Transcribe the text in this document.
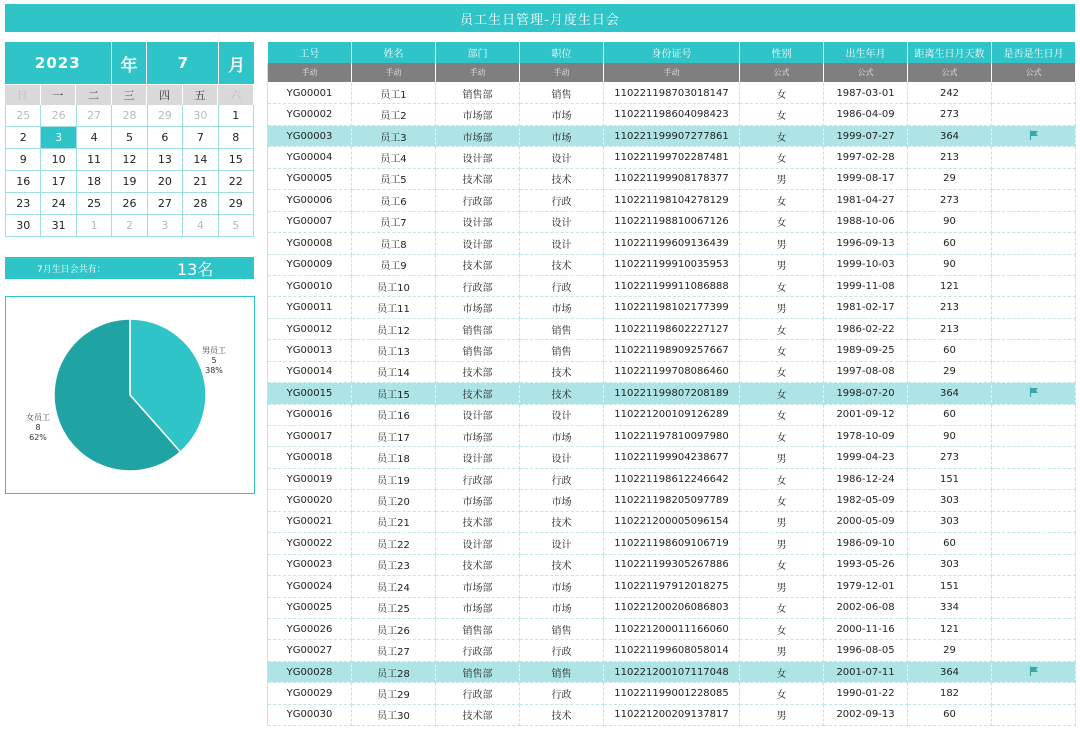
员工生日管理-月度生日会
2023	年	7	月
日	一	二	三	四	五	六
25	26	27	28	29	30	1
2	3	4	5	6	7	8
9	10	11	12	13	14	15
16	17	18	19	20	21	22
23	24	25	26	27	28	29
30	31	1	2	3	4	5
7月生日会共有：	13名
男员工
5
38%
女员工
8
62%
工号	姓名	部门	职位	身份证号	性别	出生年月	距离生日月天数	是否是生日月
手动	手动	手动	手动	手动	公式	公式	公式	公式
YG00001	员工1	销售部	销售	110221198703018147	女	1987-03-01	242	
YG00002	员工2	市场部	市场	110221198604098423	女	1986-04-09	273	
YG00003	员工3	市场部	市场	110221199907277861	女	1999-07-27	364	
YG00004	员工4	设计部	设计	110221199702287481	女	1997-02-28	213	
YG00005	员工5	技术部	技术	110221199908178377	男	1999-08-17	29	
YG00006	员工6	行政部	行政	110221198104278129	女	1981-04-27	273	
YG00007	员工7	设计部	设计	110221198810067126	女	1988-10-06	90	
YG00008	员工8	设计部	设计	110221199609136439	男	1996-09-13	60	
YG00009	员工9	技术部	技术	110221199910035953	男	1999-10-03	90	
YG00010	员工10	行政部	行政	110221199911086888	女	1999-11-08	121	
YG00011	员工11	市场部	市场	110221198102177399	男	1981-02-17	213	
YG00012	员工12	销售部	销售	110221198602227127	女	1986-02-22	213	
YG00013	员工13	销售部	销售	110221198909257667	女	1989-09-25	60	
YG00014	员工14	技术部	技术	110221199708086460	女	1997-08-08	29	
YG00015	员工15	技术部	技术	110221199807208189	女	1998-07-20	364	
YG00016	员工16	设计部	设计	110221200109126289	女	2001-09-12	60	
YG00017	员工17	市场部	市场	110221197810097980	女	1978-10-09	90	
YG00018	员工18	设计部	设计	110221199904238677	男	1999-04-23	273	
YG00019	员工19	行政部	行政	110221198612246642	女	1986-12-24	151	
YG00020	员工20	市场部	市场	110221198205097789	女	1982-05-09	303	
YG00021	员工21	技术部	技术	110221200005096154	男	2000-05-09	303	
YG00022	员工22	设计部	设计	110221198609106719	男	1986-09-10	60	
YG00023	员工23	技术部	技术	110221199305267886	女	1993-05-26	303	
YG00024	员工24	市场部	市场	110221197912018275	男	1979-12-01	151	
YG00025	员工25	市场部	市场	110221200206086803	女	2002-06-08	334	
YG00026	员工26	销售部	销售	110221200011166060	女	2000-11-16	121	
YG00027	员工27	行政部	行政	110221199608058014	男	1996-08-05	29	
YG00028	员工28	销售部	销售	110221200107117048	女	2001-07-11	364	
YG00029	员工29	行政部	行政	110221199001228085	女	1990-01-22	182	
YG00030	员工30	技术部	技术	110221200209137817	男	2002-09-13	60	
